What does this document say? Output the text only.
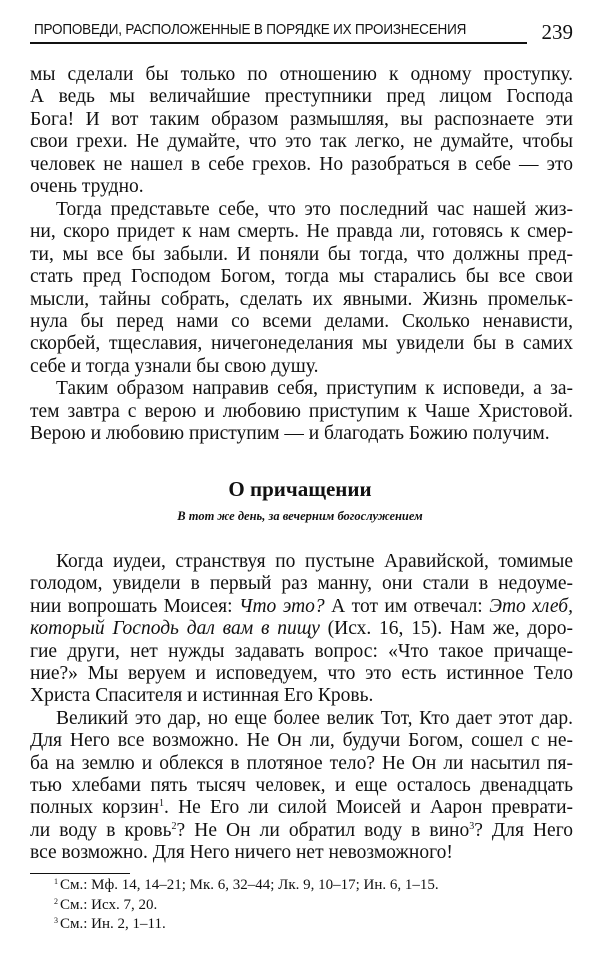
ПРОПОВЕДИ, РАСПОЛОЖЕННЫЕ В ПОРЯДКЕ ИХ ПРОИЗНЕСЕНИЯ	239
мы сделали бы только по отношению к одному проступку.
А ведь мы величайшие преступники пред лицом Господа
Бога! И вот таким образом размышляя, вы распознаете эти
свои грехи. Не думайте, что это так легко, не думайте, чтобы
человек не нашел в себе грехов. Но разобраться в себе — это
очень трудно.
Тогда представьте себе, что это последний час нашей жиз-
ни, скоро придет к нам смерть. Не правда ли, готовясь к смер-
ти, мы все бы забыли. И поняли бы тогда, что должны пред-
стать пред Господом Богом, тогда мы старались бы все свои
мысли, тайны собрать, сделать их явными. Жизнь промельк-
нула бы перед нами со всеми делами. Сколько ненависти,
скорбей, тщеславия, ничегонеделания мы увидели бы в самих
себе и тогда узнали бы свою душу.
Таким образом направив себя, приступим к исповеди, а за-
тем завтра с верою и любовию приступим к Чаше Христовой.
Верою и любовию приступим — и благодать Божию получим.
О причащении
В тот же день, за вечерним богослужением
Когда иудеи, странствуя по пустыне Аравийской, томимые
голодом, увидели в первый раз манну, они стали в недоуме-
нии вопрошать Моисея: Что это? А тот им отвечал: Это хлеб,
который Господь дал вам в пищу (Исх. 16, 15). Нам же, доро-
гие други, нет нужды задавать вопрос: «Что такое причаще-
ние?» Мы веруем и исповедуем, что это есть истинное Тело
Христа Спасителя и истинная Его Кровь.
Великий это дар, но еще более велик Тот, Кто дает этот дар.
Для Него все возможно. Не Он ли, будучи Богом, сошел с не-
ба на землю и облекся в плотяное тело? Не Он ли насытил пя-
тью хлебами пять тысяч человек, и еще осталось двенадцать
полных корзин$^1$. Не Его ли силой Моисей и Аарон преврати-
ли воду в кровь$^2$? Не Он ли обратил воду в вино$^3$? Для Него
все возможно. Для Него ничего нет невозможного!
$^1$ См.: Мф. 14, 14–21; Мк. 6, 32–44; Лк. 9, 10–17; Ин. 6, 1–15.
$^2$ См.: Исх. 7, 20.
$^3$ См.: Ин. 2, 1–11.
